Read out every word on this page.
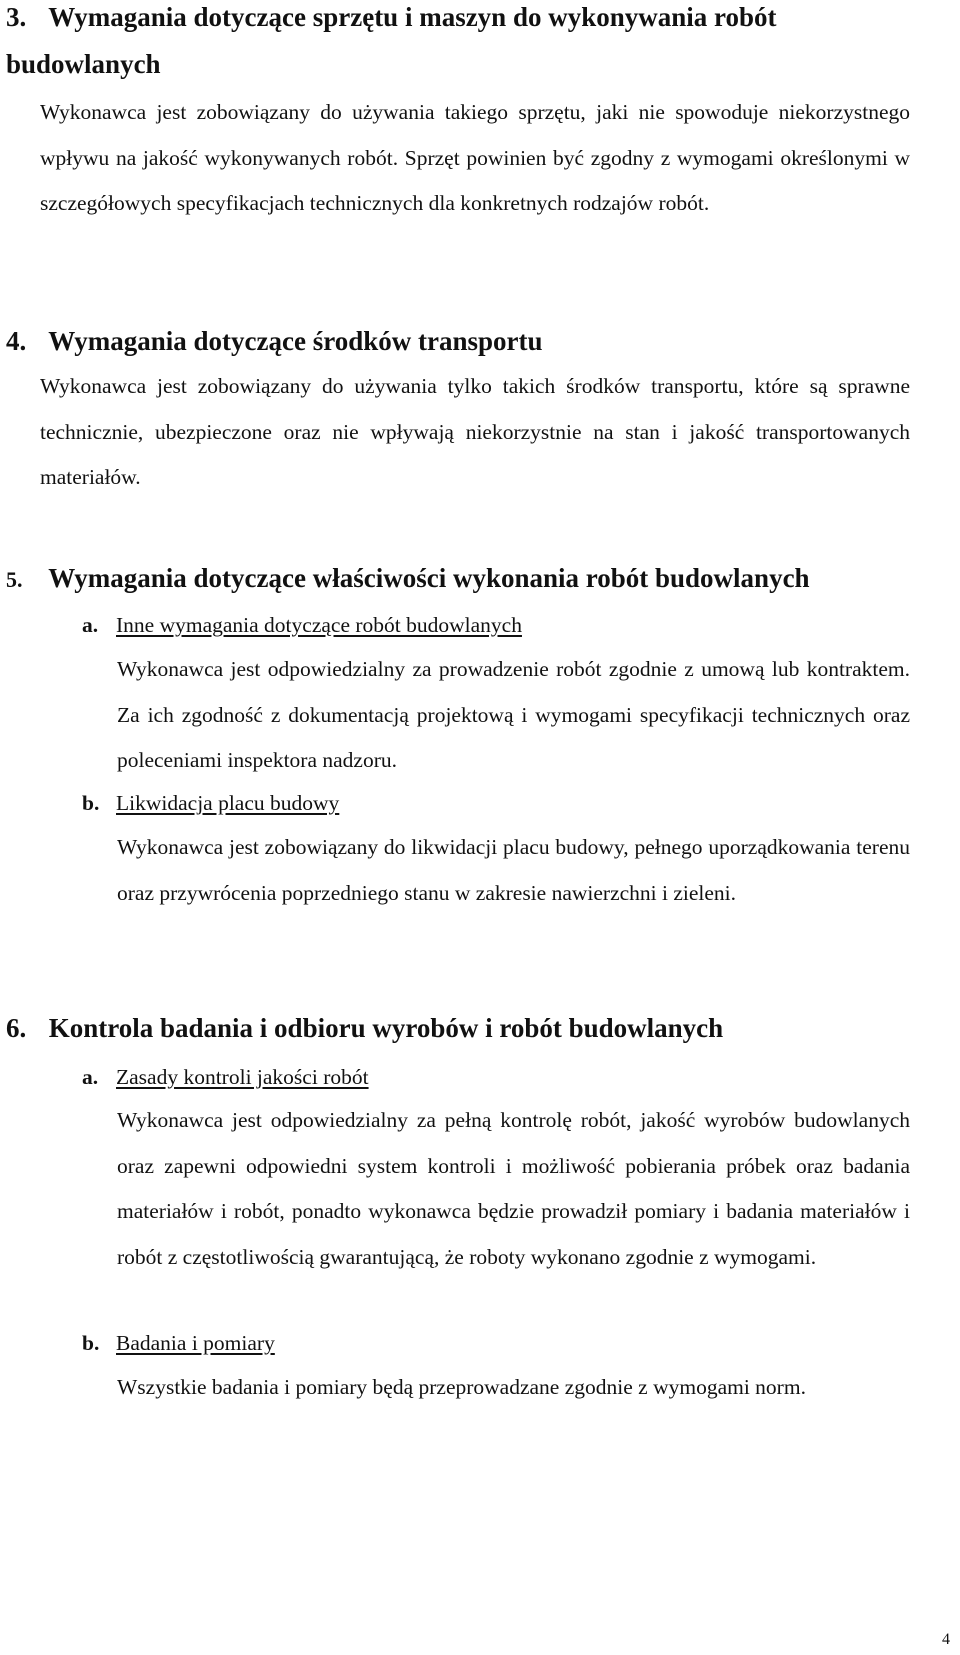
3. Wymagania dotyczące sprzętu i maszyn do wykonywania robót budowlanych
Wykonawca jest zobowiązany do używania takiego sprzętu, jaki nie spowoduje niekorzystnego wpływu na jakość wykonywanych robót. Sprzęt powinien być zgodny z wymogami określonymi w szczegółowych specyfikacjach technicznych dla konkretnych rodzajów robót.
4. Wymagania dotyczące środków transportu
Wykonawca jest zobowiązany do używania tylko takich środków transportu, które są sprawne technicznie, ubezpieczone oraz nie wpływają niekorzystnie na stan i jakość transportowanych materiałów.
5. Wymagania dotyczące właściwości wykonania robót budowlanych
a. Inne wymagania dotyczące robót budowlanych
Wykonawca jest odpowiedzialny za prowadzenie robót zgodnie z umową lub kontraktem. Za ich zgodność z dokumentacją projektową i wymogami specyfikacji technicznych oraz poleceniami inspektora nadzoru.
b. Likwidacja placu budowy
Wykonawca jest zobowiązany do likwidacji placu budowy, pełnego uporządkowania terenu oraz przywrócenia poprzedniego stanu w zakresie nawierzchni i zieleni.
6. Kontrola badania i odbioru wyrobów i robót budowlanych
a. Zasady kontroli jakości robót
Wykonawca jest odpowiedzialny za pełną kontrolę robót, jakość wyrobów budowlanych oraz zapewni odpowiedni system kontroli i możliwość pobierania próbek oraz badania materiałów i robót, ponadto wykonawca będzie prowadził pomiary i badania materiałów i robót z częstotliwością gwarantującą, że roboty wykonano zgodnie z wymogami.
b. Badania i pomiary
Wszystkie badania i pomiary będą przeprowadzane zgodnie z wymogami norm.
4
